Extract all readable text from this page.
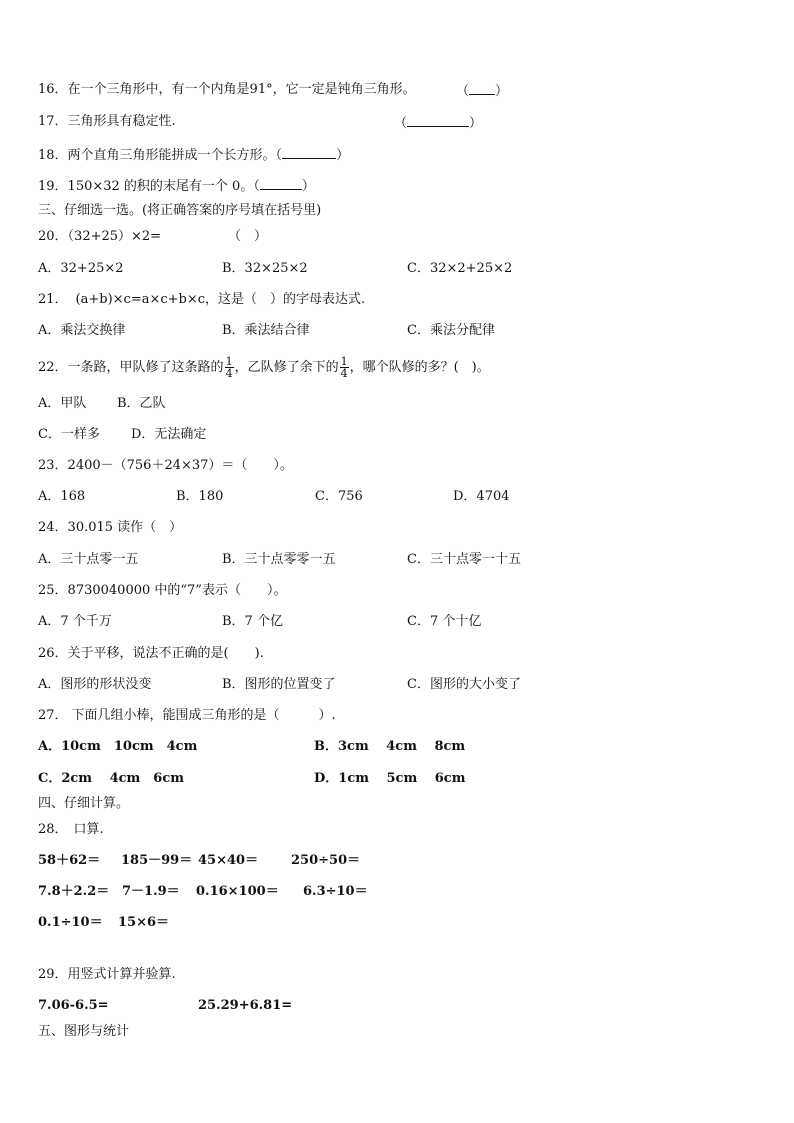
16．在一个三角形中，有一个内角是91°，它一定是钝角三角形。	（ ）
17．三角形具有稳定性.	（	）
18．两个直角三角形能拼成一个长方形。（	）
19．150×32 的积的末尾有一个 0。（	）
三、仔细选一选。(将正确答案的序号填在括号里)
20．（32+25）×2=	（　）
A．32+25×2	B．32×25×2	C．32×2+25×2
21． (a+b)×c=a×c+b×c，这是（　）的字母表达式.
A．乘法交换律	B．乘法结合律	C．乘法分配律
22．一条路，甲队修了这条路的 $\frac{1}{4}$ ，乙队修了余下的 $\frac{1}{4}$ ，哪个队修的多？(　)。
A．甲队 B．乙队
C．一样多 D．无法确定
23．2400－（756＋24×37）＝（　　）。
A．168	B．180	C．756	D．4704
24．30.015 读作（　）
A．三十点零一五	B．三十点零零一五	C．三十点零一十五
25．8730040000 中的“7”表示（　　）。
A．7 个千万	B．7 个亿	C．7 个十亿
26．关于平移，说法不正确的是(　　).
A．图形的形状没变	B．图形的位置变了	C．图形的大小变了
27． 下面几组小棒，能围成三角形的是（　　　）.
A．10cm　10cm　4cm	B．3cm　 4cm　 8cm
C．2cm　 4cm　6cm	D．1cm　 5cm　 6cm
四、仔细计算。
28． 口算.
58＋62＝ 185－99＝ 45×40＝	250÷50＝
7.8＋2.2＝ 7－1.9＝ 0.16×100＝ 6.3÷10＝
0.1÷10＝ 15×6＝
29．用竖式计算并验算.
7.06-6.5=	25.29+6.81=
五、图形与统计
